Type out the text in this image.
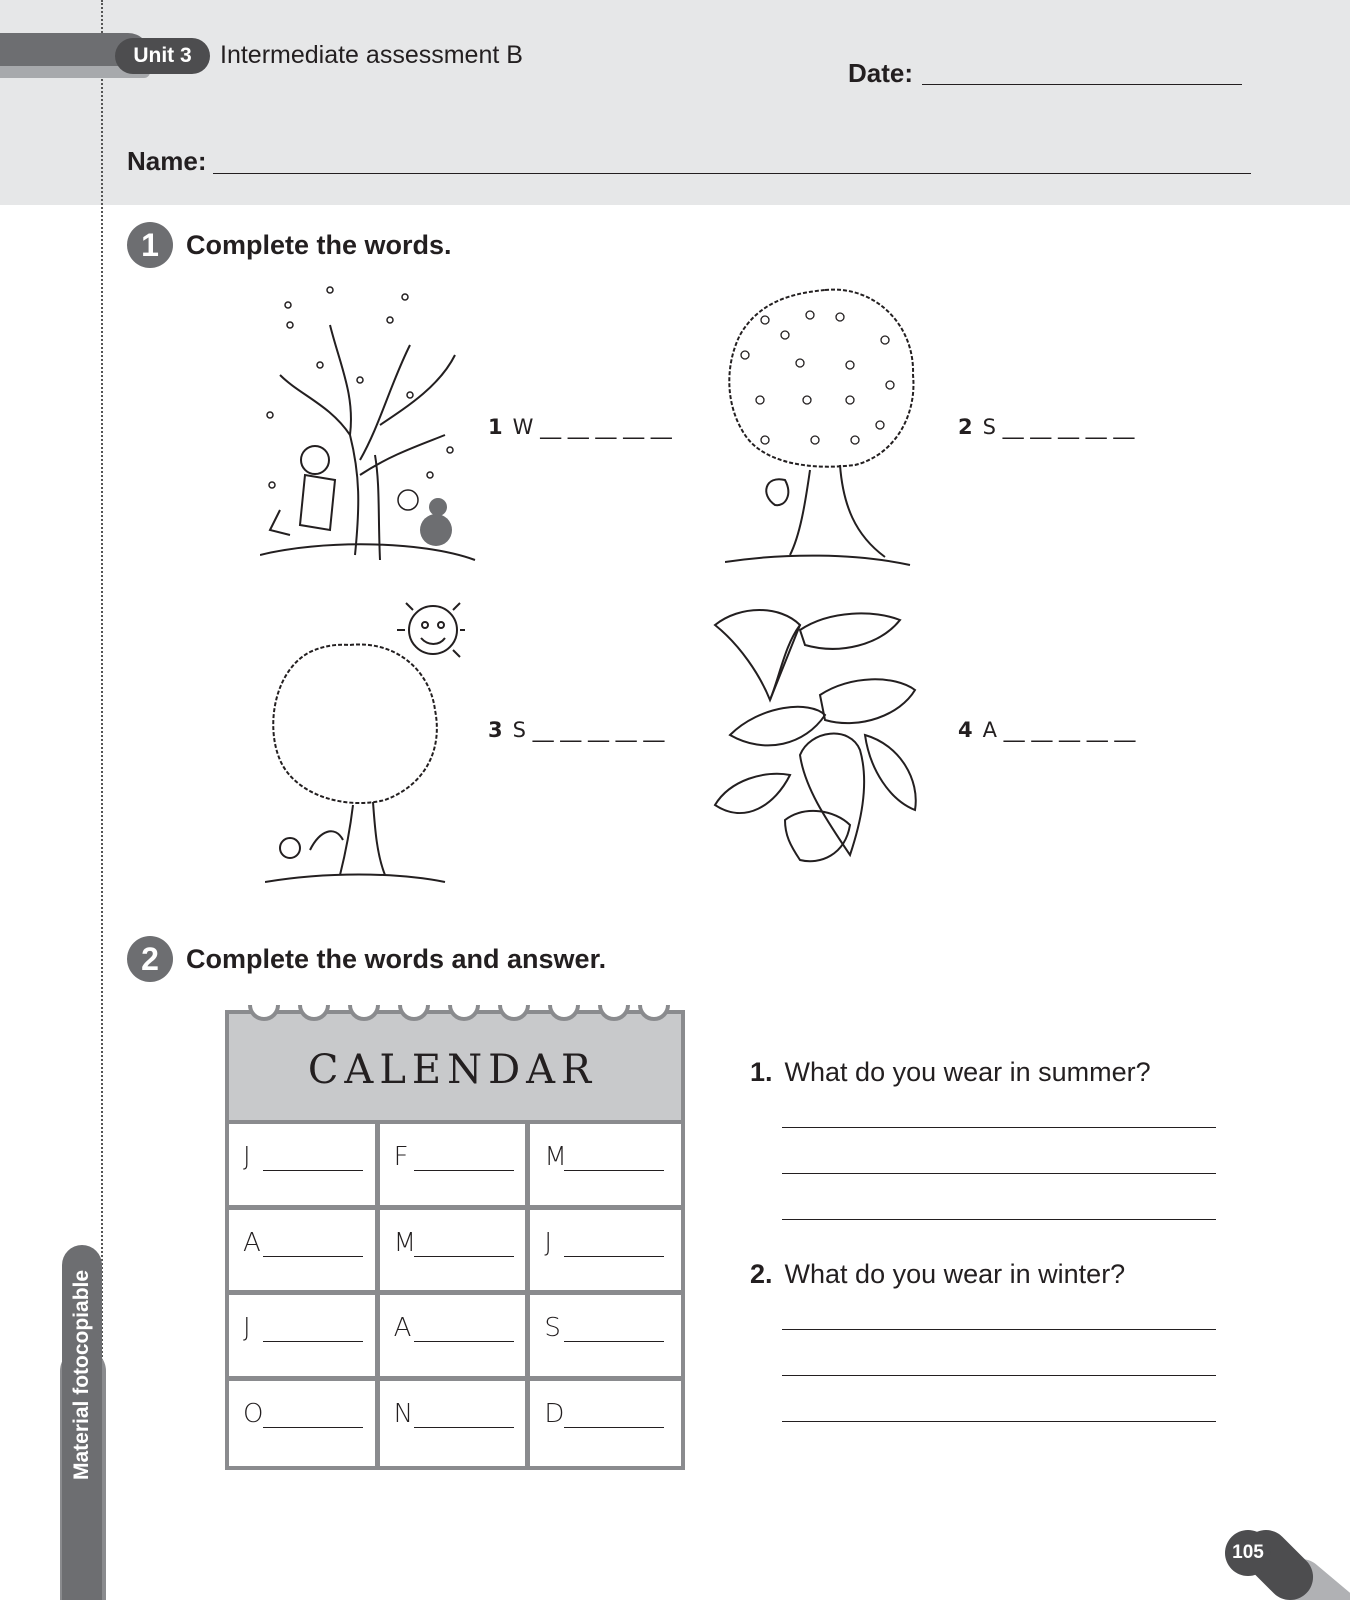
Unit 3	Intermediate assessment B
Date:
Name:
1	Complete the words.
1 W __ __ __ __ __	2 S __ __ __ __ __
3 S __ __ __ __ __	4 A __ __ __ __ __
2	Complete the words and answer.
CALENDAR
J	F	M
A	M	J
J	A	S
O	N	D
1. What do you wear in summer?
2. What do you wear in winter?
Material fotocopiable
105
